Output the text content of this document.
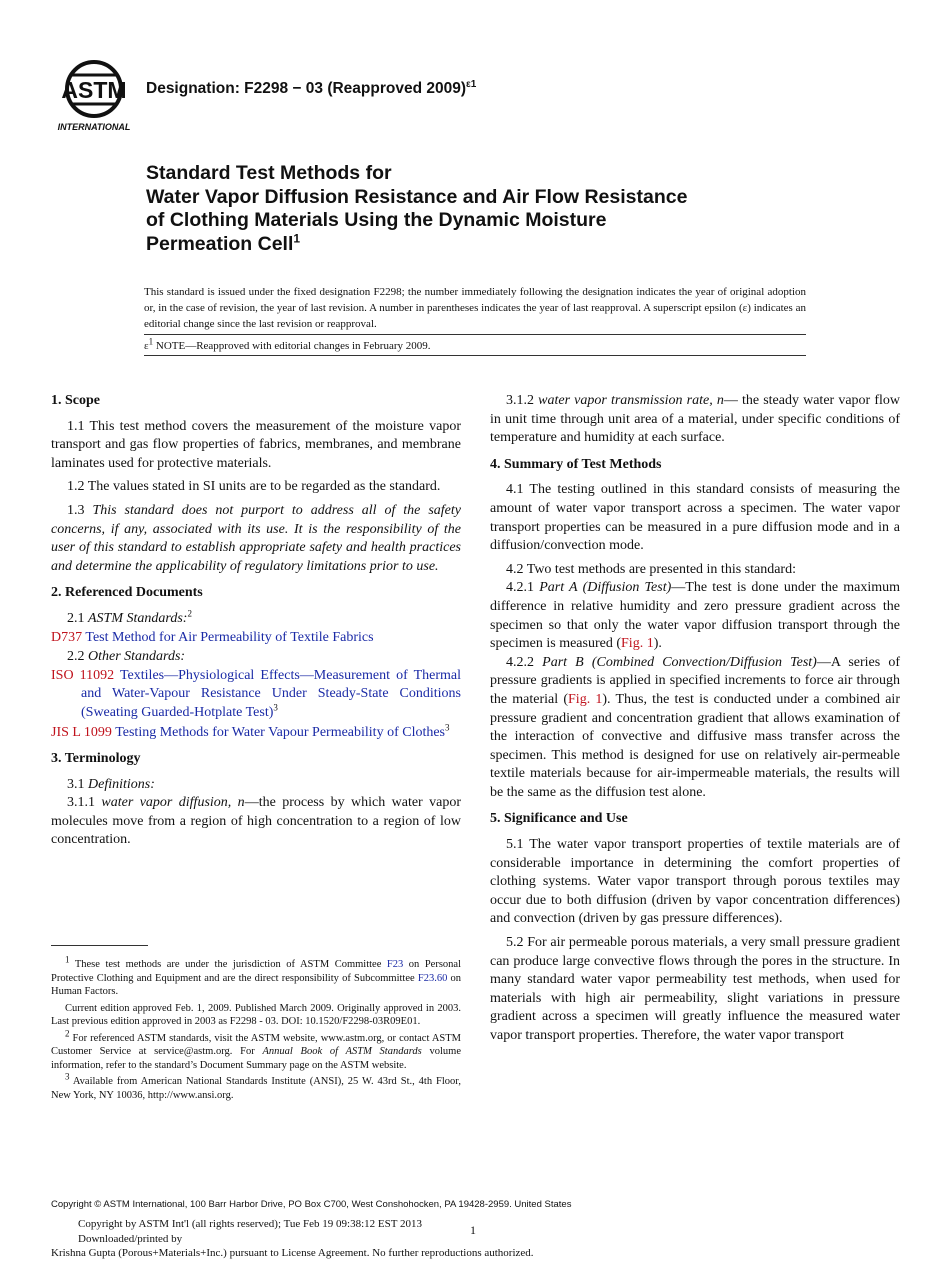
ASTM
INTERNATIONAL
Designation: F2298 − 03 (Reapproved 2009)$^{\varepsilon 1}$
Standard Test Methods for
Water Vapor Diffusion Resistance and Air Flow Resistance
of Clothing Materials Using the Dynamic Moisture
Permeation Cell$^1$
This standard is issued under the fixed designation F2298; the number immediately following the designation indicates the year of original adoption or, in the case of revision, the year of last revision. A number in parentheses indicates the year of last reapproval. A superscript epsilon (ε) indicates an editorial change since the last revision or reapproval.
$\varepsilon^1$ NOTE—Reapproved with editorial changes in February 2009.
1. Scope

1.1 This test method covers the measurement of the moisture vapor transport and gas flow properties of fabrics, membranes, and membrane laminates used for protective materials.

1.2 The values stated in SI units are to be regarded as the standard.

1.3 This standard does not purport to address all of the safety concerns, if any, associated with its use. It is the responsibility of the user of this standard to establish appropriate safety and health practices and determine the applicability of regulatory limitations prior to use.

2. Referenced Documents

2.1 ASTM Standards:$^2$

D737 Test Method for Air Permeability of Textile Fabrics

2.2 Other Standards:

ISO 11092 Textiles—Physiological Effects—Measurement of Thermal and Water-Vapour Resistance Under Steady-State Conditions (Sweating Guarded-Hotplate Test)$^3$
JIS L 1099 Testing Methods for Water Vapour Permeability of Clothes$^3$
3. Terminology

3.1 Definitions:

3.1.1 water vapor diffusion, n—the process by which water vapor molecules move from a region of high concentration to a region of low concentration.

3.1.2 water vapor transmission rate, n— the steady water vapor flow in unit time through unit area of a material, under specific conditions of temperature and humidity at each surface.

4. Summary of Test Methods

4.1 The testing outlined in this standard consists of measuring the amount of water vapor transport across a specimen. The water vapor transport properties can be measured in a pure diffusion mode and in a diffusion/convection mode.

4.2 Two test methods are presented in this standard:

4.2.1 Part A (Diffusion Test)—The test is done under the maximum difference in relative humidity and zero pressure gradient across the specimen so that only the water vapor diffusion transport through the specimen is measured (Fig. 1).

4.2.2 Part B (Combined Convection/Diffusion Test)—A series of pressure gradients is applied in specified increments to force air through the material (Fig. 1). Thus, the test is conducted under a combined air pressure gradient and concentration gradient that allows examination of the interaction of convective and diffusive mass transfer across the specimen. This method is designed for use on relatively air-permeable textile materials because for air-impermeable materials, the results will be the same as the diffusion test alone.

5. Significance and Use

5.1 The water vapor transport properties of textile materials are of considerable importance in determining the comfort properties of clothing systems. Water vapor transport through porous textiles may occur due to both diffusion (driven by vapor concentration differences) and convection (driven by gas pressure differences).

5.2 For air permeable porous materials, a very small pressure gradient can produce large convective flows through the pores in the structure. In many standard water vapor permeability test methods, when used for materials with high air permeability, slight variations in pressure gradient across a specimen will greatly influence the measured water vapor transport properties. Therefore, the water vapor transport

$^1$ These test methods are under the jurisdiction of ASTM Committee F23 on Personal Protective Clothing and Equipment and are the direct responsibility of Subcommittee F23.60 on Human Factors.

Current edition approved Feb. 1, 2009. Published March 2009. Originally approved in 2003. Last previous edition approved in 2003 as F2298 - 03. DOI: 10.1520/F2298-03R09E01.

$^2$ For referenced ASTM standards, visit the ASTM website, www.astm.org, or contact ASTM Customer Service at service@astm.org. For Annual Book of ASTM Standards volume information, refer to the standard’s Document Summary page on the ASTM website.

$^3$ Available from American National Standards Institute (ANSI), 25 W. 43rd St., 4th Floor, New York, NY 10036, http://www.ansi.org.

Copyright © ASTM International, 100 Barr Harbor Drive, PO Box C700, West Conshohocken, PA 19428-2959. United States
Copyright by ASTM Int'l (all rights reserved); Tue Feb 19 09:38:12 EST 2013
Downloaded/printed by
Krishna Gupta (Porous+Materials+Inc.) pursuant to License Agreement. No further reproductions authorized.
1
